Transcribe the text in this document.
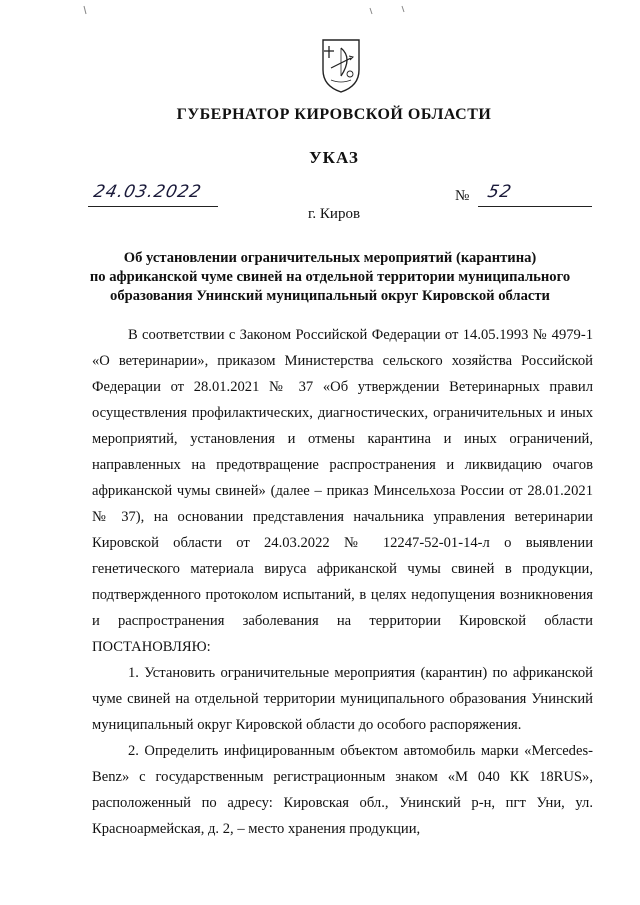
ГУБЕРНАТОР КИРОВСКОЙ ОБЛАСТИ
УКАЗ
24.03.2022	№ 52
г. Киров
Об установлении ограничительных мероприятий (карантина)
по африканской чуме свиней на отдельной территории муниципального
образования Унинский муниципальный округ Кировской области

В соответствии с Законом Российской Федерации от 14.05.1993 № 4979-1 «О ветеринарии», приказом Министерства сельского хозяйства Российской Федерации от 28.01.2021 № 37 «Об утверждении Ветеринарных правил осуществления профилактических, диагностических, ограничительных и иных мероприятий, установления и отмены карантина и иных ограничений, направленных на предотвращение распространения и ликвидацию очагов африканской чумы свиней» (далее – приказ Минсельхоза России от 28.01.2021 № 37), на основании представления начальника управления ветеринарии Кировской области от 24.03.2022 № 12247-52-01-14-л о выявлении генетического материала вируса африканской чумы свиней в продукции, подтвержденного протоколом испытаний, в целях недопущения возникновения и распространения заболевания на территории Кировской области ПОСТАНОВЛЯЮ:

1. Установить ограничительные мероприятия (карантин) по африканской чуме свиней на отдельной территории муниципального образования Унинский муниципальный округ Кировской области до особого распоряжения.

2. Определить инфицированным объектом автомобиль марки «Mercedes-Benz» с государственным регистрационным знаком «М 040 КК 18RUS», расположенный по адресу: Кировская обл., Унинский р-н, пгт Уни, ул. Красноармейская, д. 2, – место хранения продукции,
